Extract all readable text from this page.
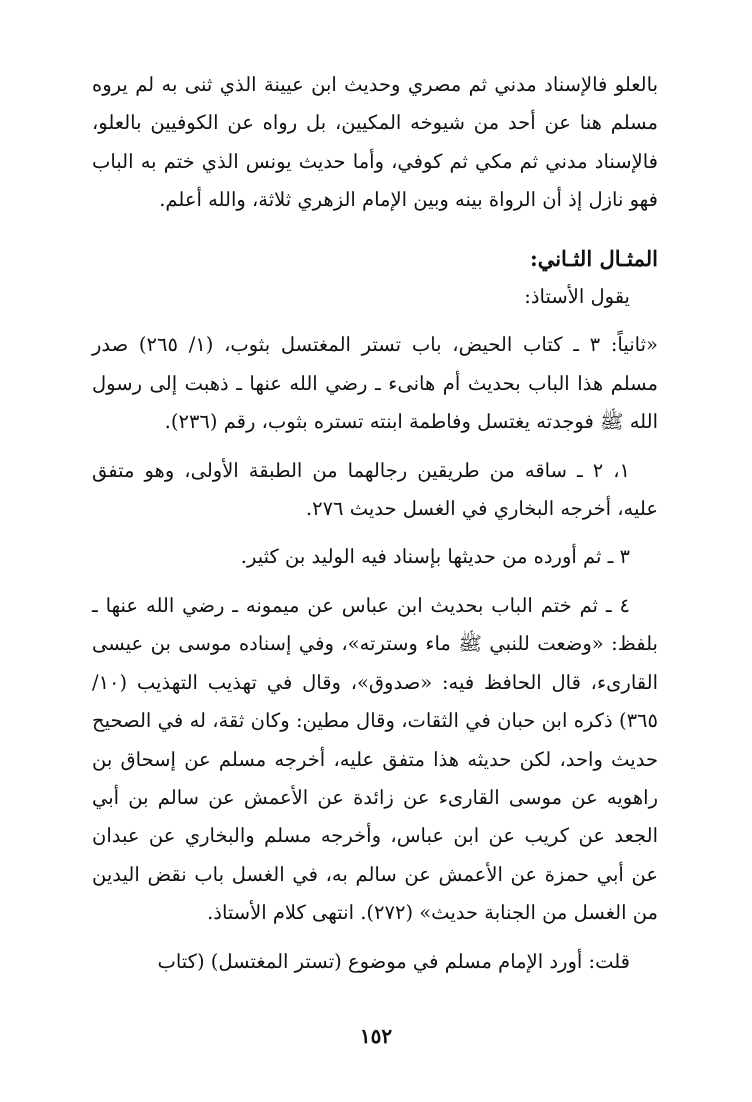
بالعلو فالإسناد مدني ثم مصري وحديث ابن عيينة الذي ثنى به لم يروه مسلم هنا عن أحد من شيوخه المكيين، بل رواه عن الكوفيين بالعلو، فالإسناد مدني ثم مكي ثم كوفي، وأما حديث يونس الذي ختم به الباب فهو نازل إذ أن الرواة بينه وبين الإمام الزهري ثلاثة، والله أعلم.

المثـال الثـاني:

يقول الأستاذ:

«ثانياً: ٣ ـ كتاب الحيض، باب تستر المغتسل بثوب، (١/ ٢٦٥) صدر مسلم هذا الباب بحديث أم هانىء ـ رضي الله عنها ـ ذهبت إلى رسول الله ﷺ فوجدته يغتسل وفاطمة ابنته تستره بثوب، رقم (٢٣٦).

١، ٢ ـ ساقه من طريقين رجالهما من الطبقة الأولى، وهو متفق عليه، أخرجه البخاري في الغسل حديث ٢٧٦.

٣ ـ ثم أورده من حديثها بإسناد فيه الوليد بن كثير.

٤ ـ ثم ختم الباب بحديث ابن عباس عن ميمونه ـ رضي الله عنها ـ بلفظ: «وضعت للنبي ﷺ ماء وسترته»، وفي إسناده موسى بن عيسى القارىء، قال الحافظ فيه: «صدوق»، وقال في تهذيب التهذيب (١٠/ ٣٦٥) ذكره ابن حبان في الثقات، وقال مطين: وكان ثقة، له في الصحيح حديث واحد، لكن حديثه هذا متفق عليه، أخرجه مسلم عن إسحاق بن راهويه عن موسى القارىء عن زائدة عن الأعمش عن سالم بن أبي الجعد عن كريب عن ابن عباس، وأخرجه مسلم والبخاري عن عبدان عن أبي حمزة عن الأعمش عن سالم به، في الغسل باب نقض اليدين من الغسل من الجنابة حديث» (٢٧٢). انتهى كلام الأستاذ.

قلت: أورد الإمام مسلم في موضوع (تستر المغتسل) (كتاب

١٥٢
